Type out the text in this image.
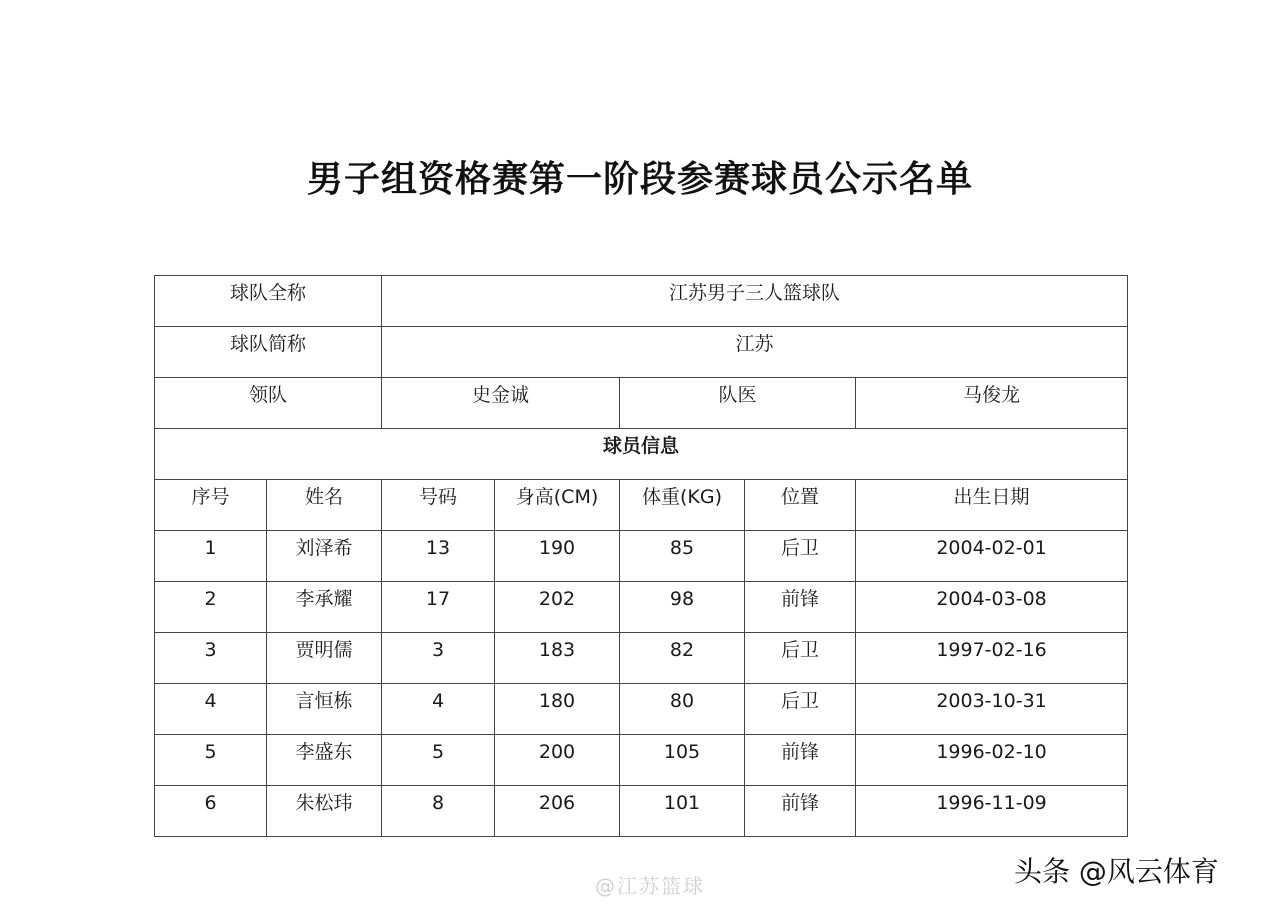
男子组资格赛第一阶段参赛球员公示名单
球队全称		江苏男子三人篮球队				

球队简称		江苏				

领队		史金诚		队医		马俊龙

球员信息						

序号	姓名	号码	身高(CM)	体重(KG)	位置	出生日期

1	刘泽希	13	190	85	后卫	2004-02-01

2	李承耀	17	202	98	前锋	2004-03-08

3	贾明儒	3	183	82	后卫	1997-02-16

4	言恒栋	4	180	80	后卫	2003-10-31

5	李盛东	5	200	105	前锋	1996-02-10

6	朱松玮	8	206	101	前锋	1996-11-09
@江苏篮球	头条 @风云体育
